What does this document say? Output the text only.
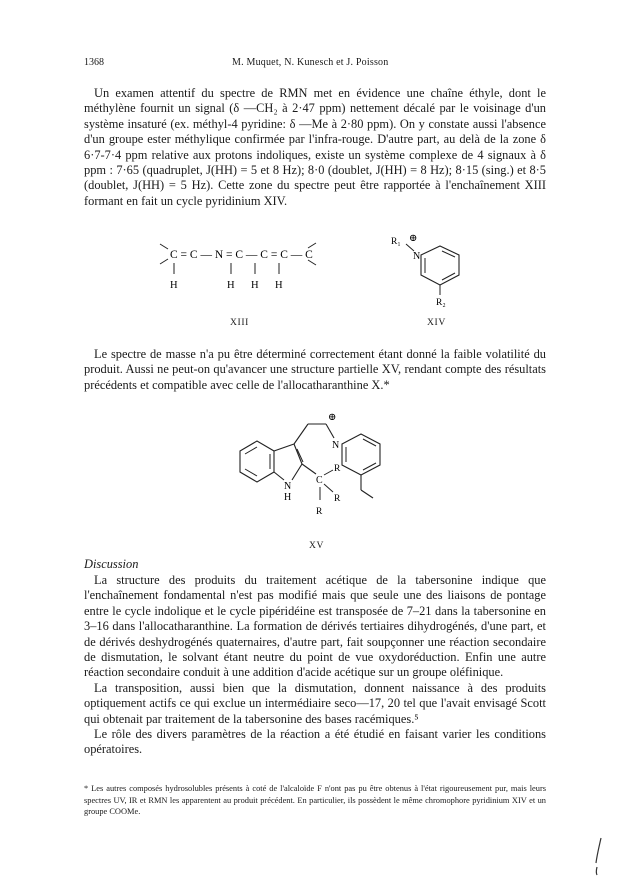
1368	M. Muquet, N. Kunesch et J. Poisson

Un examen attentif du spectre de RMN met en évidence une chaîne éthyle, dont le méthylène fournit un signal (δ —CH₂ à 2·47 ppm) nettement décalé par le voisinage d'un système insaturé (ex. méthyl-4 pyridine: δ —Me à 2·80 ppm). On y constate aussi l'absence d'un groupe ester méthylique confirmée par l'infra-rouge. D'autre part, au delà de la zone δ 6·7-7·4 ppm relative aux protons indoliques, existe un système complexe de 4 signaux à δ ppm : 7·65 (quadruplet, J(HH) = 5 et 8 Hz); 8·0 (doublet, J(HH) = 8 Hz); 8·15 (sing.) et 8·5 (doublet, J(HH) = 5 Hz). Cette zone du spectre peut être rapportée à l'enchaînement XIII formant en fait un cycle pyridinium XIV.

C = C — N = C — C = C — C
H	H H H
R₁ ⊕
N
R₂
XIII	XIV

Le spectre de masse n'a pu être déterminé correctement étant donné la faible volatilité du produit. Aussi ne peut-on qu'avancer une structure partielle XV, rendant compte des résultats précédents et compatible avec celle de l'allocatharanthine X.*

N
H
⊕
N
C
R
R
R
XV
Discussion

La structure des produits du traitement acétique de la tabersonine indique que l'enchaînement fondamental n'est pas modifié mais que seule une des liaisons de pontage entre le cycle indolique et le cycle pipéridéine est transposée de 7–21 dans la tabersonine en 3–16 dans l'allocatharanthine. La formation de dérivés tertiaires dihydrogénés, d'une part, et de dérivés deshydrogénés quaternaires, d'autre part, fait soupçonner une réaction secondaire de dismutation, le solvant étant neutre du point de vue oxydoréduction. Enfin une autre réaction secondaire conduit à une addition d'acide acétique sur un groupe oléfinique.

La transposition, aussi bien que la dismutation, donnent naissance à des produits optiquement actifs ce qui exclue un intermédiaire seco—17, 20 tel que l'avait envisagé Scott qui obtenait par traitement de la tabersonine des bases racémiques.⁵

Le rôle des divers paramètres de la réaction a été étudié en faisant varier les conditions opératoires.

* Les autres composés hydrosolubles présents à coté de l'alcaloïde F n'ont pas pu être obtenus à l'état rigoureusement pur, mais leurs spectres UV, IR et RMN les apparentent au produit précédent. En particulier, ils possèdent le même chromophore pyridinium XIV et un groupe COOMe.
